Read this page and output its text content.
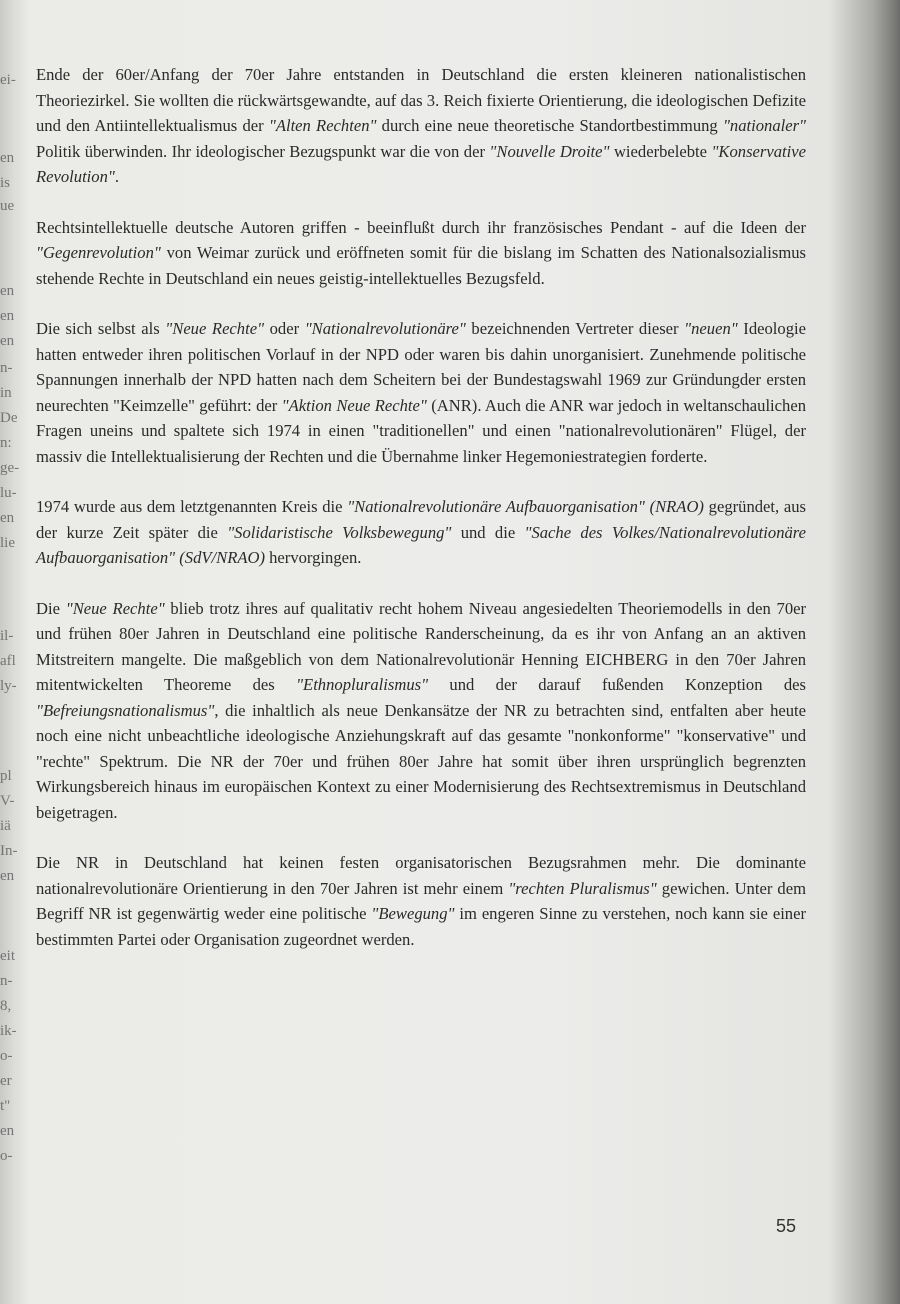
ei-
en
is
ue
en
en
en
n-
in
De
n:
ge-
lu-
en
lie
il-
afl
ly-
pl
V-
iä
In-
en
eit
n-
8,
ik-
o-
er
t"
en
o-

Ende der 60er/Anfang der 70er Jahre entstanden in Deutschland die ersten kleineren nationalistischen Theoriezirkel. Sie wollten die rückwärtsgewandte, auf das 3. Reich fixierte Orientierung, die ideologischen Defizite und den Antiintellektualismus der "Alten Rechten" durch eine neue theoretische Standortbestimmung "nationaler" Politik überwinden. Ihr ideologischer Bezugspunkt war die von der "Nouvelle Droite" wiederbelebte "Konservative Revolution".

Rechtsintellektuelle deutsche Autoren griffen - beeinflußt durch ihr französisches Pendant - auf die Ideen der "Gegenrevolution" von Weimar zurück und eröffneten somit für die bislang im Schatten des Nationalsozialismus stehende Rechte in Deutschland ein neues geistig-intellektuelles Bezugsfeld.

Die sich selbst als "Neue Rechte" oder "Nationalrevolutionäre" bezeichnenden Vertreter dieser "neuen" Ideologie hatten entweder ihren politischen Vorlauf in der NPD oder waren bis dahin unorganisiert. Zunehmende politische Spannungen innerhalb der NPD hatten nach dem Scheitern bei der Bundestagswahl 1969 zur Gründungder ersten neurechten "Keimzelle" geführt: der "Aktion Neue Rechte" (ANR). Auch die ANR war jedoch in weltanschaulichen Fragen uneins und spaltete sich 1974 in einen "traditionellen" und einen "nationalrevolutionären" Flügel, der massiv die Intellektualisierung der Rechten und die Übernahme linker Hegemoniestrategien forderte.

1974 wurde aus dem letztgenannten Kreis die "Nationalrevolutionäre Aufbauorganisation" (NRAO) gegründet, aus der kurze Zeit später die "Solidaristische Volksbewegung" und die "Sache des Volkes/Nationalrevolutionäre Aufbauorganisation" (SdV/NRAO) hervorgingen.

Die "Neue Rechte" blieb trotz ihres auf qualitativ recht hohem Niveau angesiedelten Theoriemodells in den 70er und frühen 80er Jahren in Deutschland eine politische Randerscheinung, da es ihr von Anfang an an aktiven Mitstreitern mangelte. Die maßgeblich von dem Nationalrevolutionär Henning EICHBERG in den 70er Jahren mitentwickelten Theoreme des "Ethnopluralismus" und der darauf fußenden Konzeption des "Befreiungsnationalismus", die inhaltlich als neue Denkansätze der NR zu betrachten sind, entfalten aber heute noch eine nicht unbeachtliche ideologische Anziehungskraft auf das gesamte "nonkonforme" "konservative" und "rechte" Spektrum. Die NR der 70er und frühen 80er Jahre hat somit über ihren ursprünglich begrenzten Wirkungsbereich hinaus im europäischen Kontext zu einer Modernisierung des Rechtsextremismus in Deutschland beigetragen.

Die NR in Deutschland hat keinen festen organisatorischen Bezugsrahmen mehr. Die dominante nationalrevolutionäre Orientierung in den 70er Jahren ist mehr einem "rechten Pluralismus" gewichen. Unter dem Begriff NR ist gegenwärtig weder eine politische "Bewegung" im engeren Sinne zu verstehen, noch kann sie einer bestimmten Partei oder Organisation zugeordnet werden.

55
